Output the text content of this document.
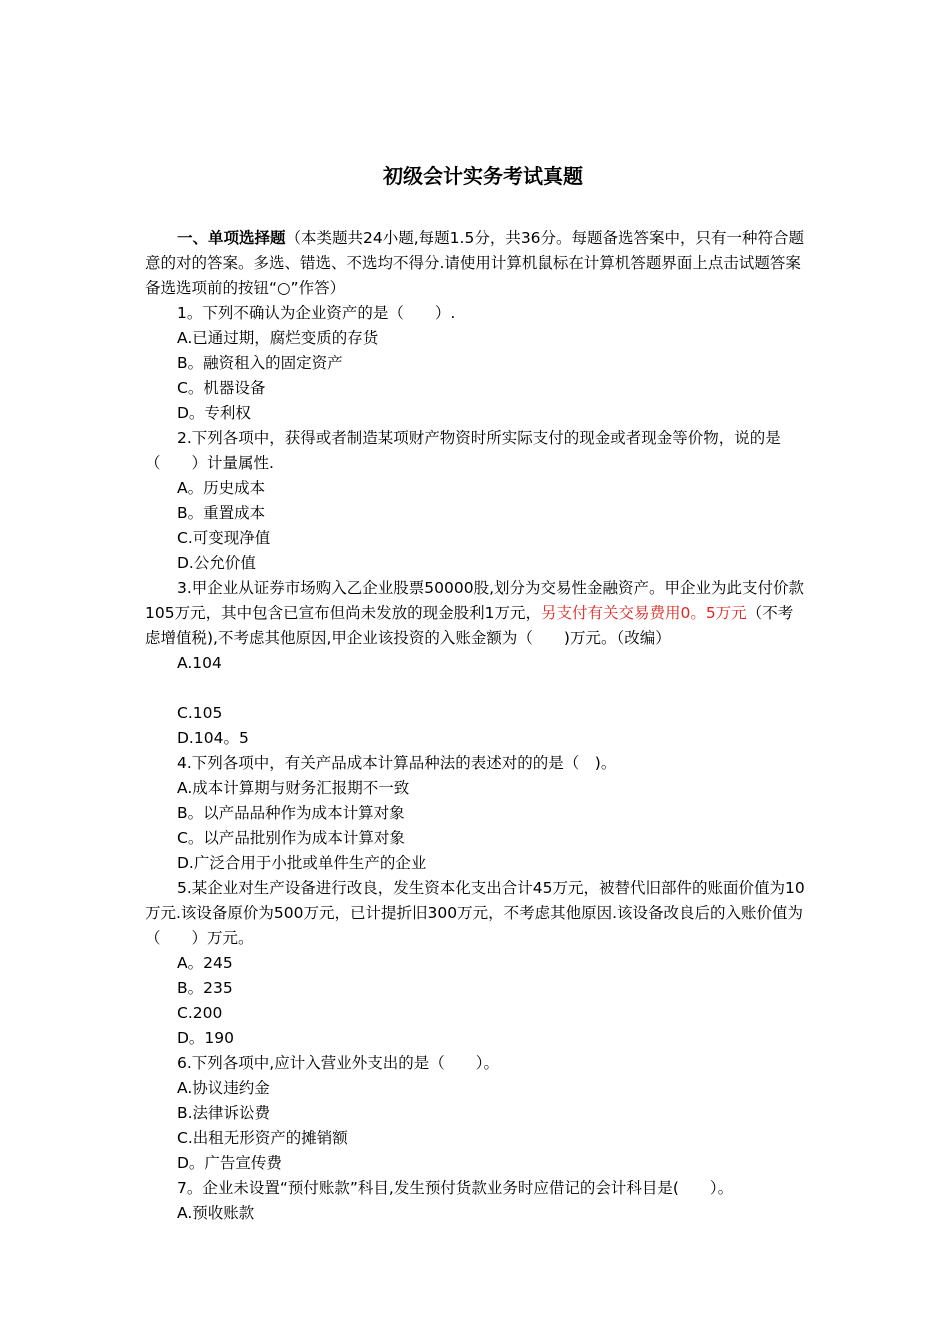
初级会计实务考试真题

一、单项选择题（本类题共24小题,每题1.5分，共36分。每题备选答案中，只有一种符合题意的对的答案。多选、错选、不选均不得分.请使用计算机鼠标在计算机答题界面上点击试题答案备选选项前的按钮“○”作答）

1。下列不确认为企业资产的是（　　）.

A.已通过期，腐烂变质的存货

B。融资租入的固定资产

C。机器设备

D。专利权

2.下列各项中，获得或者制造某项财产物资时所实际支付的现金或者现金等价物，说的是（　　）计量属性.

A。历史成本

B。重置成本

C.可变现净值

D.公允价值

3.甲企业从证券市场购入乙企业股票50000股,划分为交易性金融资产。甲企业为此支付价款105万元，其中包含已宣布但尚未发放的现金股利1万元，另支付有关交易费用0。5万元（不考虑增值税),不考虑其他原因,甲企业该投资的入账金额为（　　)万元。（改编）

A.104

C.105

D.104。5

4.下列各项中，有关产品成本计算品种法的表述对的的是（　)。

A.成本计算期与财务汇报期不一致

B。以产品品种作为成本计算对象

C。以产品批别作为成本计算对象

D.广泛合用于小批或单件生产的企业

5.某企业对生产设备进行改良，发生资本化支出合计45万元，被替代旧部件的账面价值为10万元.该设备原价为500万元，已计提折旧300万元，不考虑其他原因.该设备改良后的入账价值为（　　）万元。

A。245

B。235

C.200

D。190

6.下列各项中,应计入营业外支出的是（　　）。

A.协议违约金

B.法律诉讼费

C.出租无形资产的摊销额

D。广告宣传费

7。企业未设置“预付账款”科目,发生预付货款业务时应借记的会计科目是(　　）。

A.预收账款
